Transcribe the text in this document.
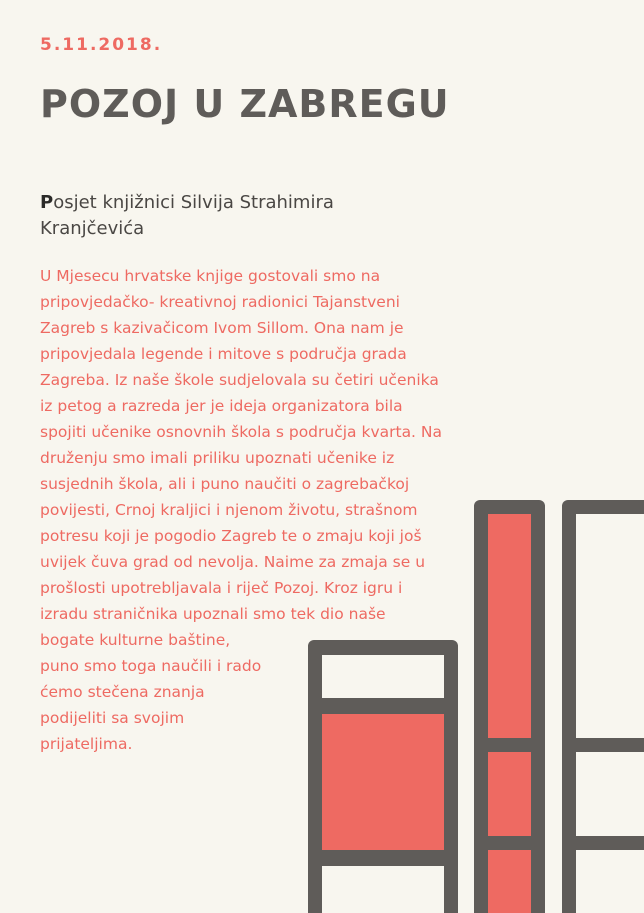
5.11.2018.
POZOJ U ZABREGU
Posjet knjižnici Silvija Strahimira Kranjčevića

U Mjesecu hrvatske knjige gostovali smo na
pripovjedačko- kreativnoj radionici Tajanstveni
Zagreb s kazivačicom Ivom Sillom. Ona nam je
pripovjedala legende i mitove s područja grada
Zagreba. Iz naše škole sudjelovala su četiri učenika
iz petog a razreda jer je ideja organizatora bila
spojiti učenike osnovnih škola s područja kvarta. Na
druženju smo imali priliku upoznati učenike iz
susjednih škola, ali i puno naučiti o zagrebačkoj
povijesti, Crnoj kraljici i njenom životu, strašnom
potresu koji je pogodio Zagreb te o zmaju koji još
uvijek čuva grad od nevolja. Naime za zmaja se u
prošlosti upotrebljavala i riječ Pozoj. Kroz igru i
izradu straničnika upoznali smo tek dio naše
bogate kulturne baštine,
puno smo toga naučili i rado
ćemo stečena znanja
podijeliti sa svojim
prijateljima.
